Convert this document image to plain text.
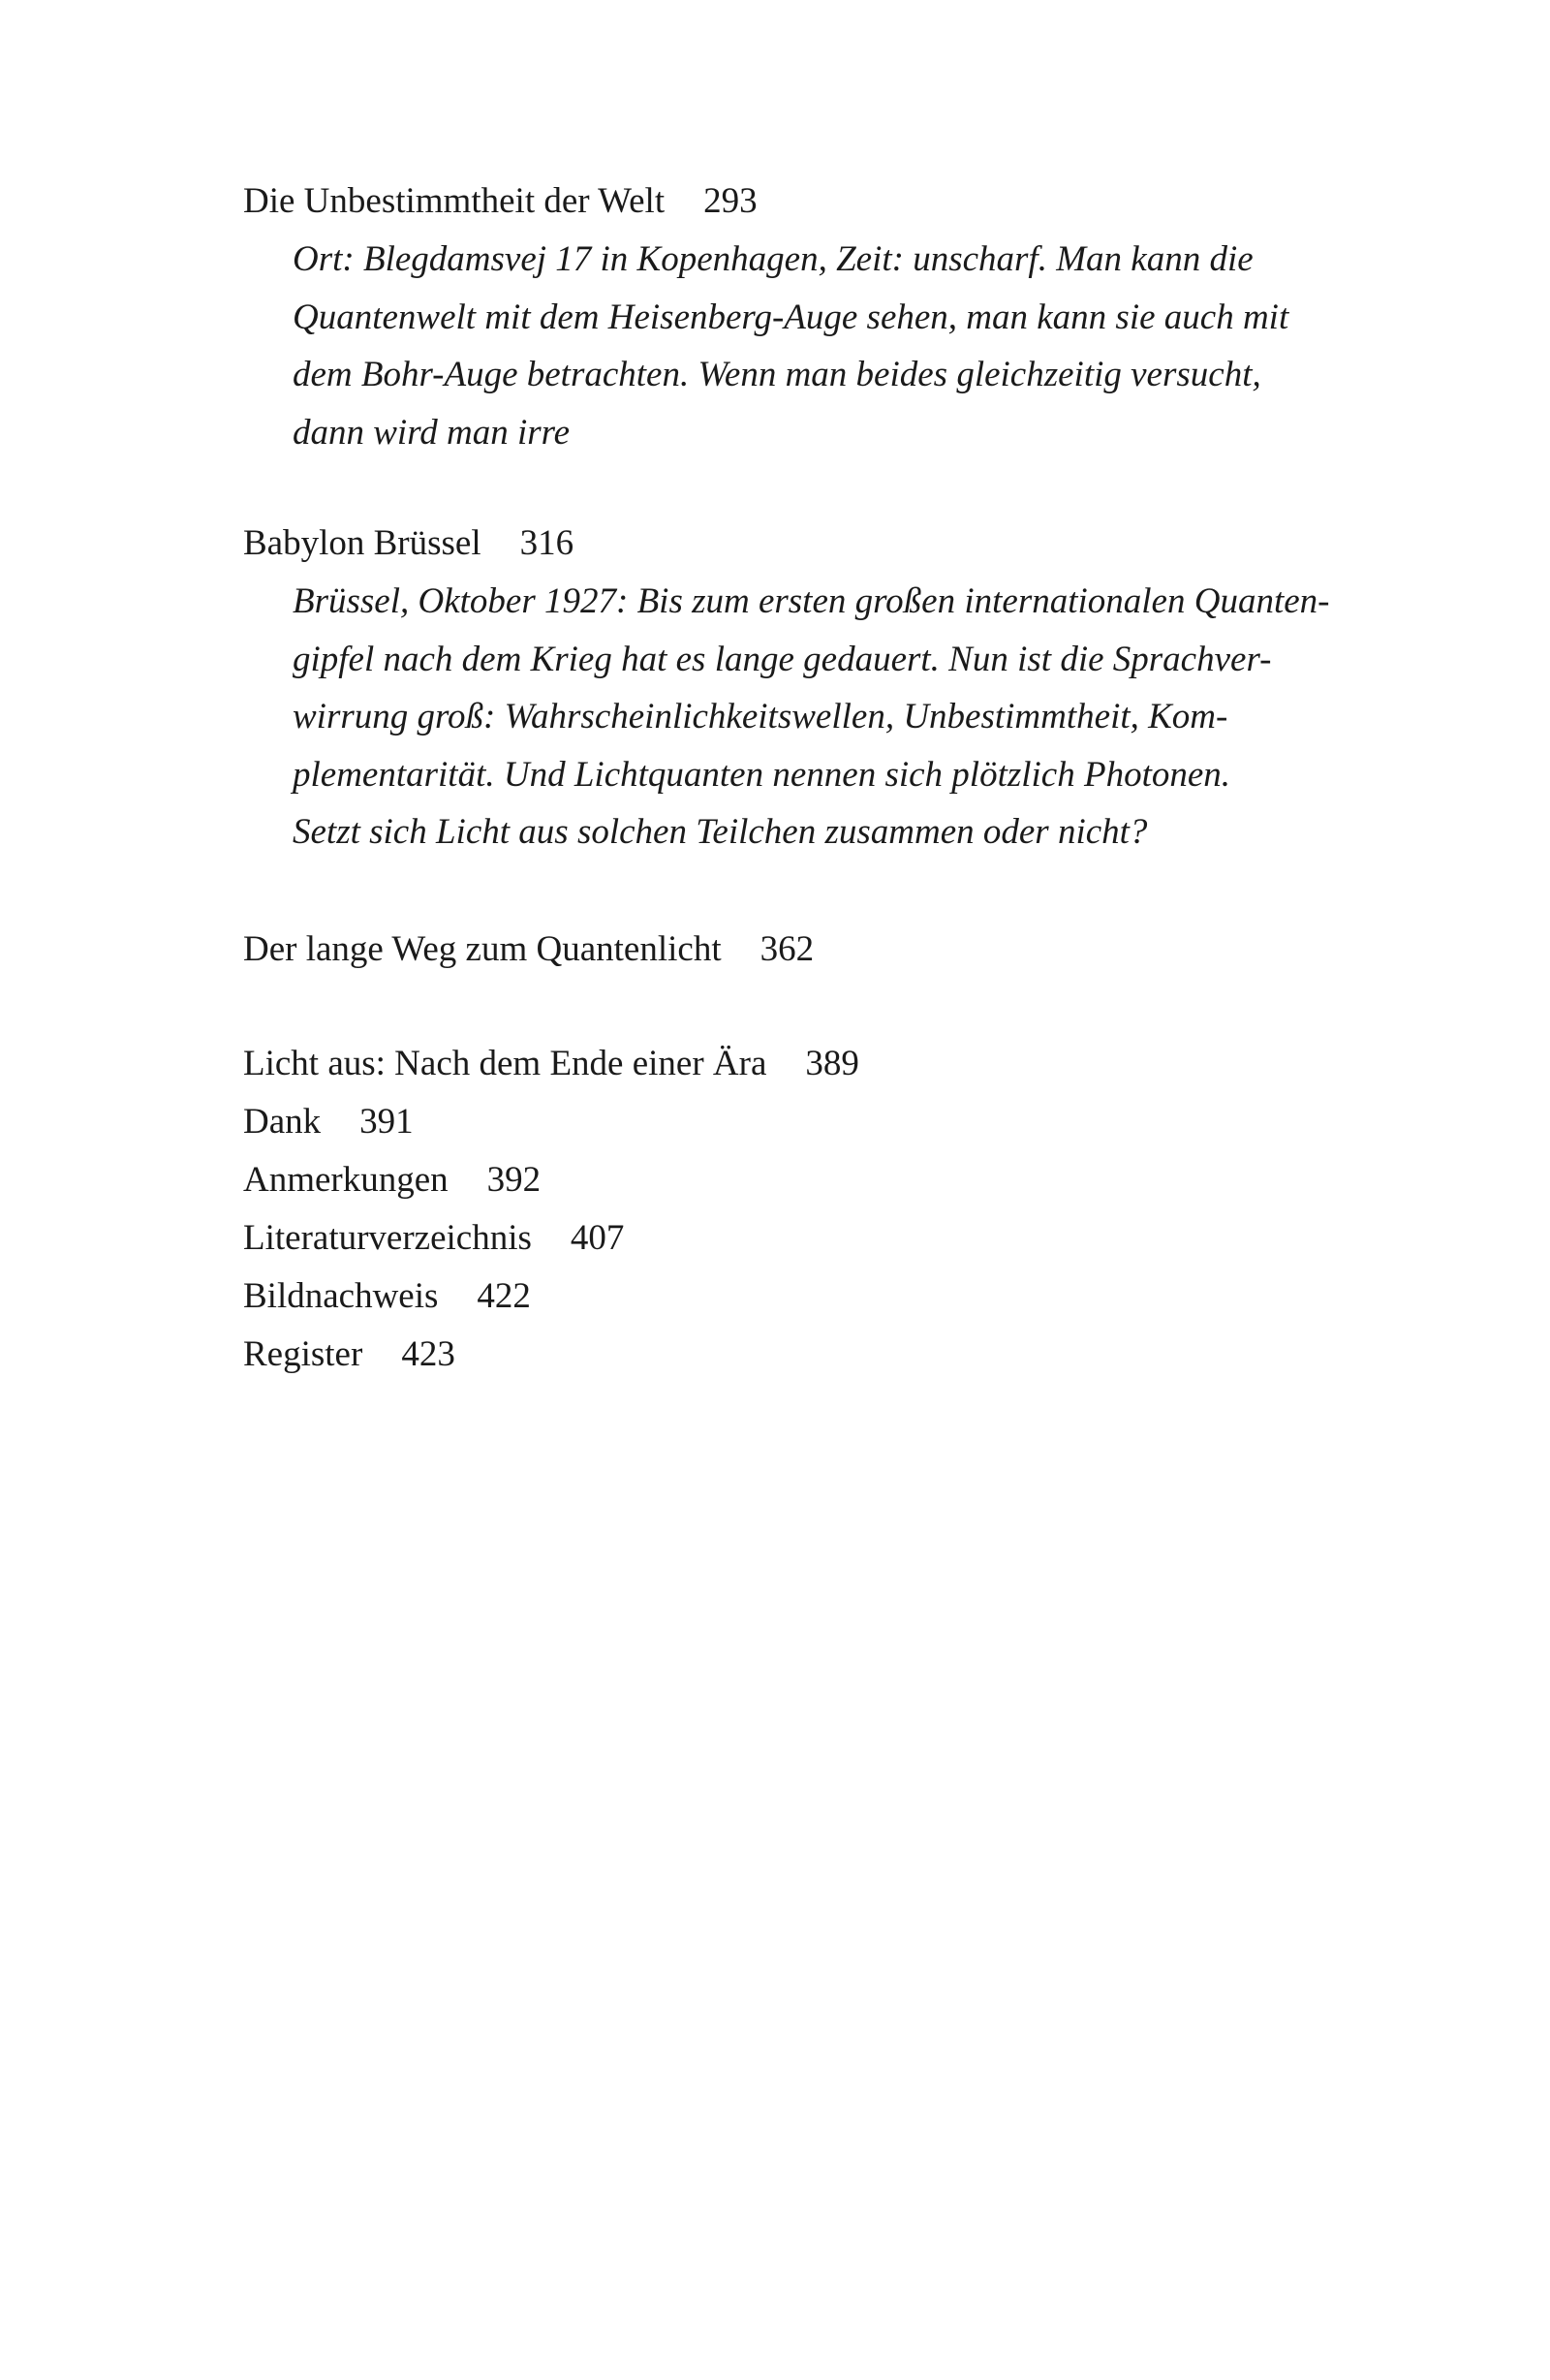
Die Unbestimmtheit der Welt 293
Ort: Blegdamsvej 17 in Kopenhagen, Zeit: unscharf. Man kann die
Quantenwelt mit dem Heisenberg-Auge sehen, man kann sie auch mit
dem Bohr-Auge betrachten. Wenn man beides gleichzeitig versucht,
dann wird man irre
Babylon Brüssel 316
Brüssel, Oktober 1927: Bis zum ersten großen internationalen Quanten-
gipfel nach dem Krieg hat es lange gedauert. Nun ist die Sprachver-
wirrung groß: Wahrscheinlichkeitswellen, Unbestimmtheit, Kom-
plementarität. Und Lichtquanten nennen sich plötzlich Photonen.
Setzt sich Licht aus solchen Teilchen zusammen oder nicht?
Der lange Weg zum Quantenlicht 362
Licht aus: Nach dem Ende einer Ära 389
Dank 391
Anmerkungen 392
Literaturverzeichnis 407
Bildnachweis 422
Register 423
